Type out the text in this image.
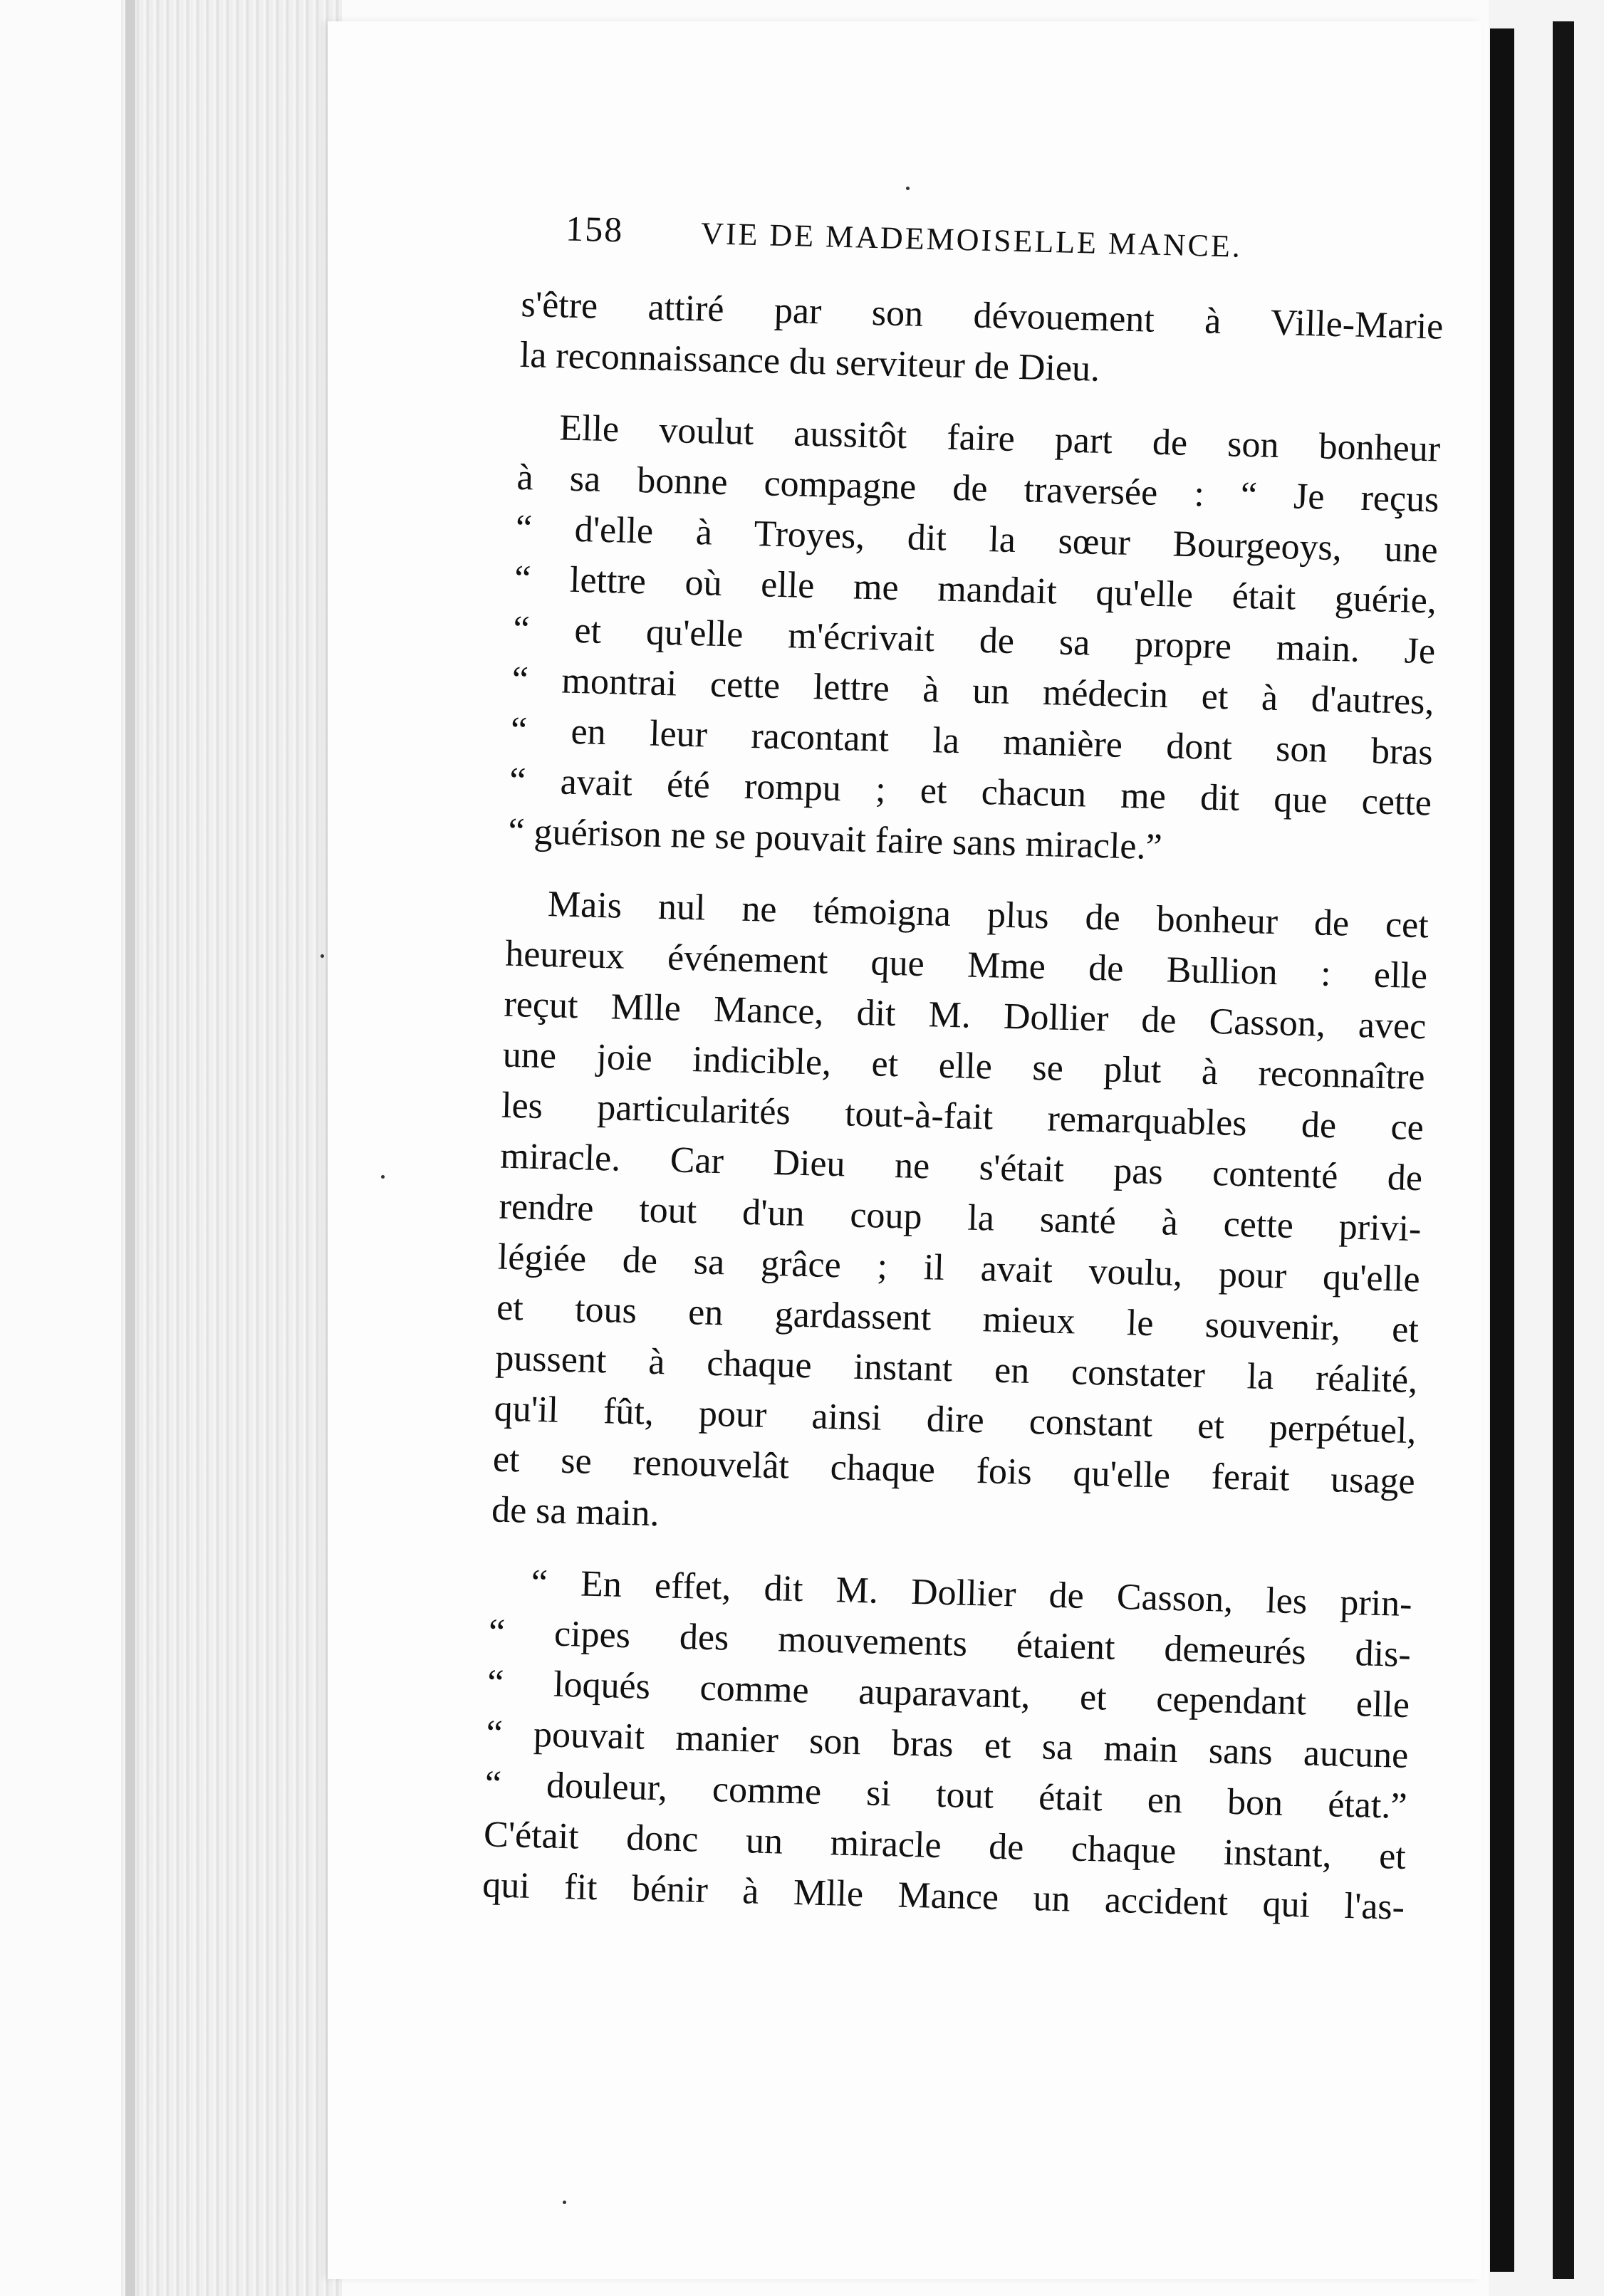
158	VIE DE MADEMOISELLE MANCE.
s'être attiré par son dévouement à Ville-Marie
la reconnaissance du serviteur de Dieu.
Elle voulut aussitôt faire part de son bonheur
à sa bonne compagne de traversée : “ Je reçus
“ d'elle à Troyes, dit la sœur Bourgeoys, une
“ lettre où elle me mandait qu'elle était guérie,
“ et qu'elle m'écrivait de sa propre main. Je
“ montrai cette lettre à un médecin et à d'autres,
“ en leur racontant la manière dont son bras
“ avait été rompu ; et chacun me dit que cette
“ guérison ne se pouvait faire sans miracle.”
Mais nul ne témoigna plus de bonheur de cet
heureux événement que Mme de Bullion : elle
reçut Mlle Mance, dit M. Dollier de Casson, avec
une joie indicible, et elle se plut à reconnaître
les particularités tout-à-fait remarquables de ce
miracle. Car Dieu ne s'était pas contenté de
rendre tout d'un coup la santé à cette privi-
légiée de sa grâce ; il avait voulu, pour qu'elle
et tous en gardassent mieux le souvenir, et
pussent à chaque instant en constater la réalité,
qu'il fût, pour ainsi dire constant et perpétuel,
et se renouvelât chaque fois qu'elle ferait usage
de sa main.
“ En effet, dit M. Dollier de Casson, les prin-
“ cipes des mouvements étaient demeurés dis-
“ loqués comme auparavant, et cependant elle
“ pouvait manier son bras et sa main sans aucune
“ douleur, comme si tout était en bon état.”
C'était donc un miracle de chaque instant, et
qui fit bénir à Mlle Mance un accident qui l'as-
